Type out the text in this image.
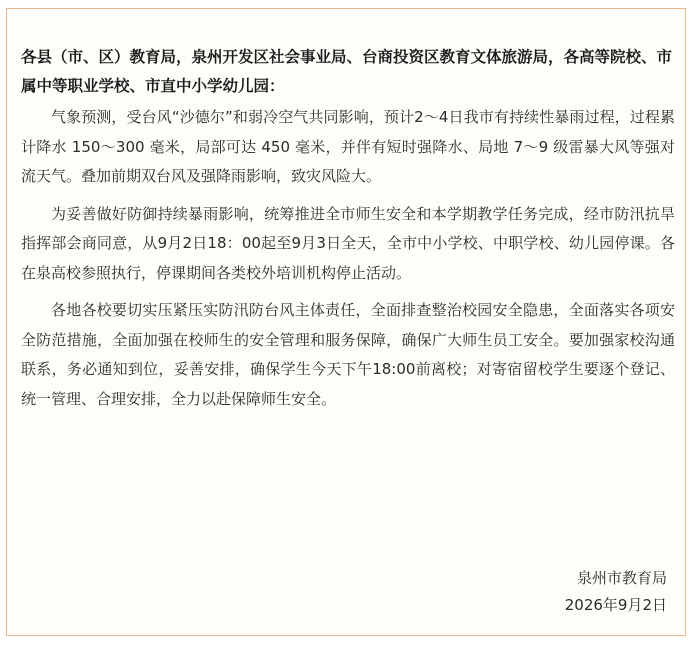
各县（市、区）教育局，泉州开发区社会事业局、台商投资区教育文体旅游局，各高等院校、市属中等职业学校、市直中小学幼儿园：

气象预测，受台风“沙德尔”和弱冷空气共同影响，预计2～4日我市有持续性暴雨过程，过程累计降水 150～300 毫米，局部可达 450 毫米，并伴有短时强降水、局地 7～9 级雷暴大风等强对流天气。叠加前期双台风及强降雨影响，致灾风险大。

为妥善做好防御持续暴雨影响，统筹推进全市师生安全和本学期教学任务完成，经市防汛抗旱指挥部会商同意，从9月2日18：00起至9月3日全天，全市中小学校、中职学校、幼儿园停课。各在泉高校参照执行，停课期间各类校外培训机构停止活动。

各地各校要切实压紧压实防汛防台风主体责任，全面排查整治校园安全隐患，全面落实各项安全防范措施，全面加强在校师生的安全管理和服务保障，确保广大师生员工安全。要加强家校沟通联系，务必通知到位，妥善安排，确保学生今天下午18:00前离校；对寄宿留校学生要逐个登记、统一管理、合理安排，全力以赴保障师生安全。

泉州市教育局
2026年9月2日
